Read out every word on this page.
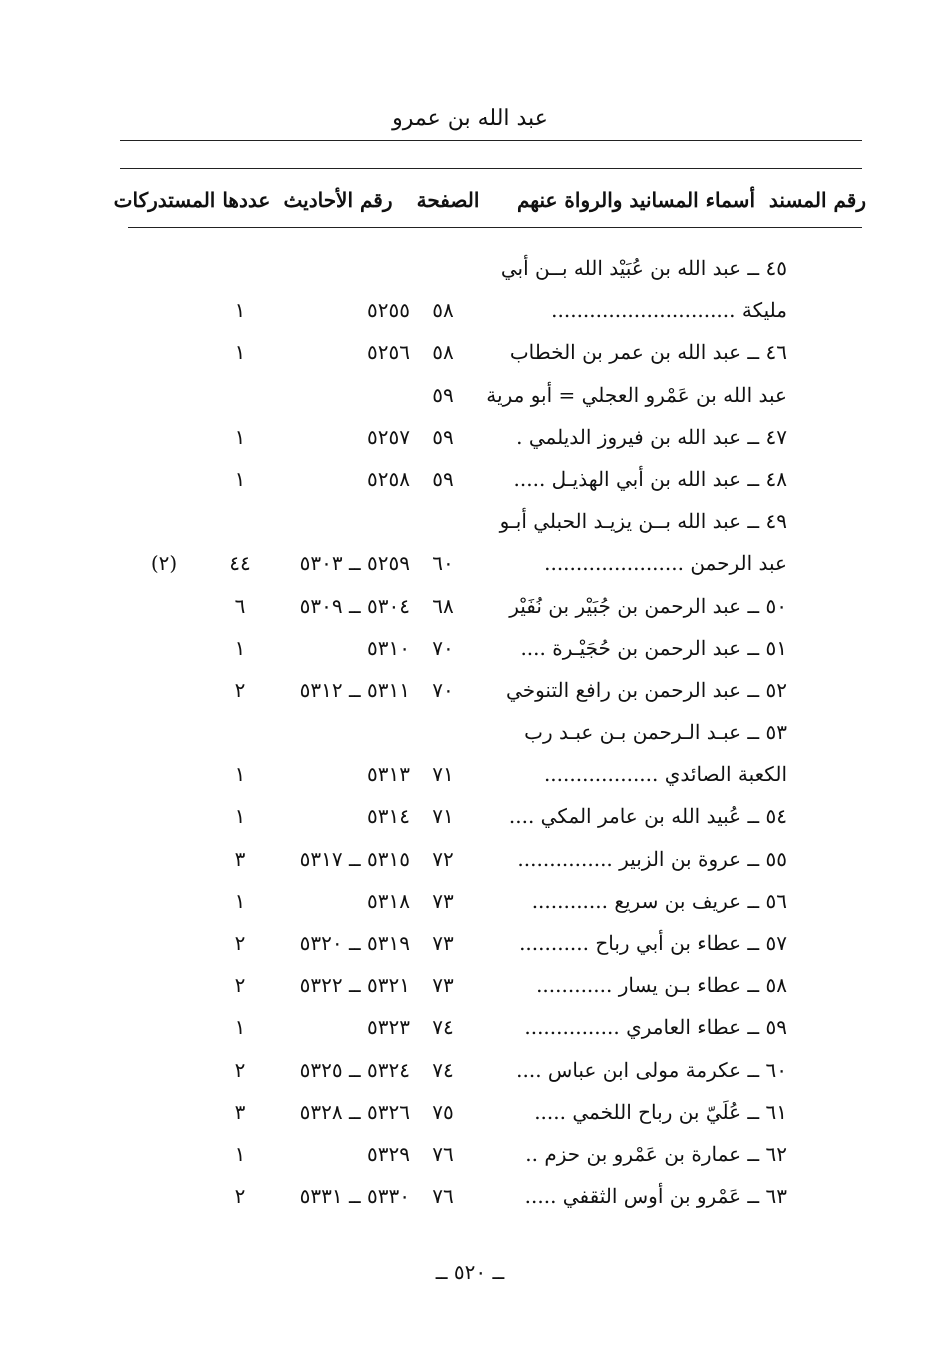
عبد الله بن عمرو
رقم المسند
أسماء المسانيد والرواة عنهم
الصفحة
رقم الأحاديث
عددها المستدركات
٤٥ ــ عبد الله بن عُبَيْد الله بــن أبي
مليكة .............................
٥٨
٥٢٥٥
١
٤٦ ــ عبد الله بن عمر بن الخطاب
٥٨
٥٢٥٦
١
عبد الله بن عَمْرو العجلي = أبو مرية
٥٩
٤٧ ــ عبد الله بن فيروز الديلمي .
٥٩
٥٢٥٧
١
٤٨ ــ عبد الله بن أبي الهذيـل .....
٥٩
٥٢٥٨
١
٤٩ ــ عبد الله بــن يزيـد الحبلي أبـو
عبد الرحمن ......................
٦٠
٥٢٥٩ ــ ٥٣٠٣
٤٤
(٢)
٥٠ ــ عبد الرحمن بن جُبَيْر بن نُفَيْر
٦٨
٥٣٠٤ ــ ٥٣٠٩
٦
٥١ ــ عبد الرحمن بن حُجَيْـرة ....
٧٠
٥٣١٠
١
٥٢ ــ عبد الرحمن بن رافع التنوخي
٧٠
٥٣١١ ــ ٥٣١٢
٢
٥٣ ــ عبـد الـرحمن بـن عبـد رب
الكعبة الصائدي ..................
٧١
٥٣١٣
١
٥٤ ــ عُبيد الله بن عامر المكي ....
٧١
٥٣١٤
١
٥٥ ــ عروة بن الزبير ...............
٧٢
٥٣١٥ ــ ٥٣١٧
٣
٥٦ ــ عريف بن سريع ............
٧٣
٥٣١٨
١
٥٧ ــ عطاء بن أبي رباح ...........
٧٣
٥٣١٩ ــ ٥٣٢٠
٢
٥٨ ــ عطاء بـن يسار ............
٧٣
٥٣٢١ ــ ٥٣٢٢
٢
٥٩ ــ عطاء العامري ...............
٧٤
٥٣٢٣
١
٦٠ ــ عكرمة مولى ابن عباس ....
٧٤
٥٣٢٤ ــ ٥٣٢٥
٢
٦١ ــ عُلَيّ بن رباح اللخمي .....
٧٥
٥٣٢٦ ــ ٥٣٢٨
٣
٦٢ ــ عمارة بن عَمْرو بن حزم ..
٧٦
٥٣٢٩
١
٦٣ ــ عَمْرو بن أوس الثقفي .....
٧٦
٥٣٣٠ ــ ٥٣٣١
٢
ــ ٥٢٠ ــ
